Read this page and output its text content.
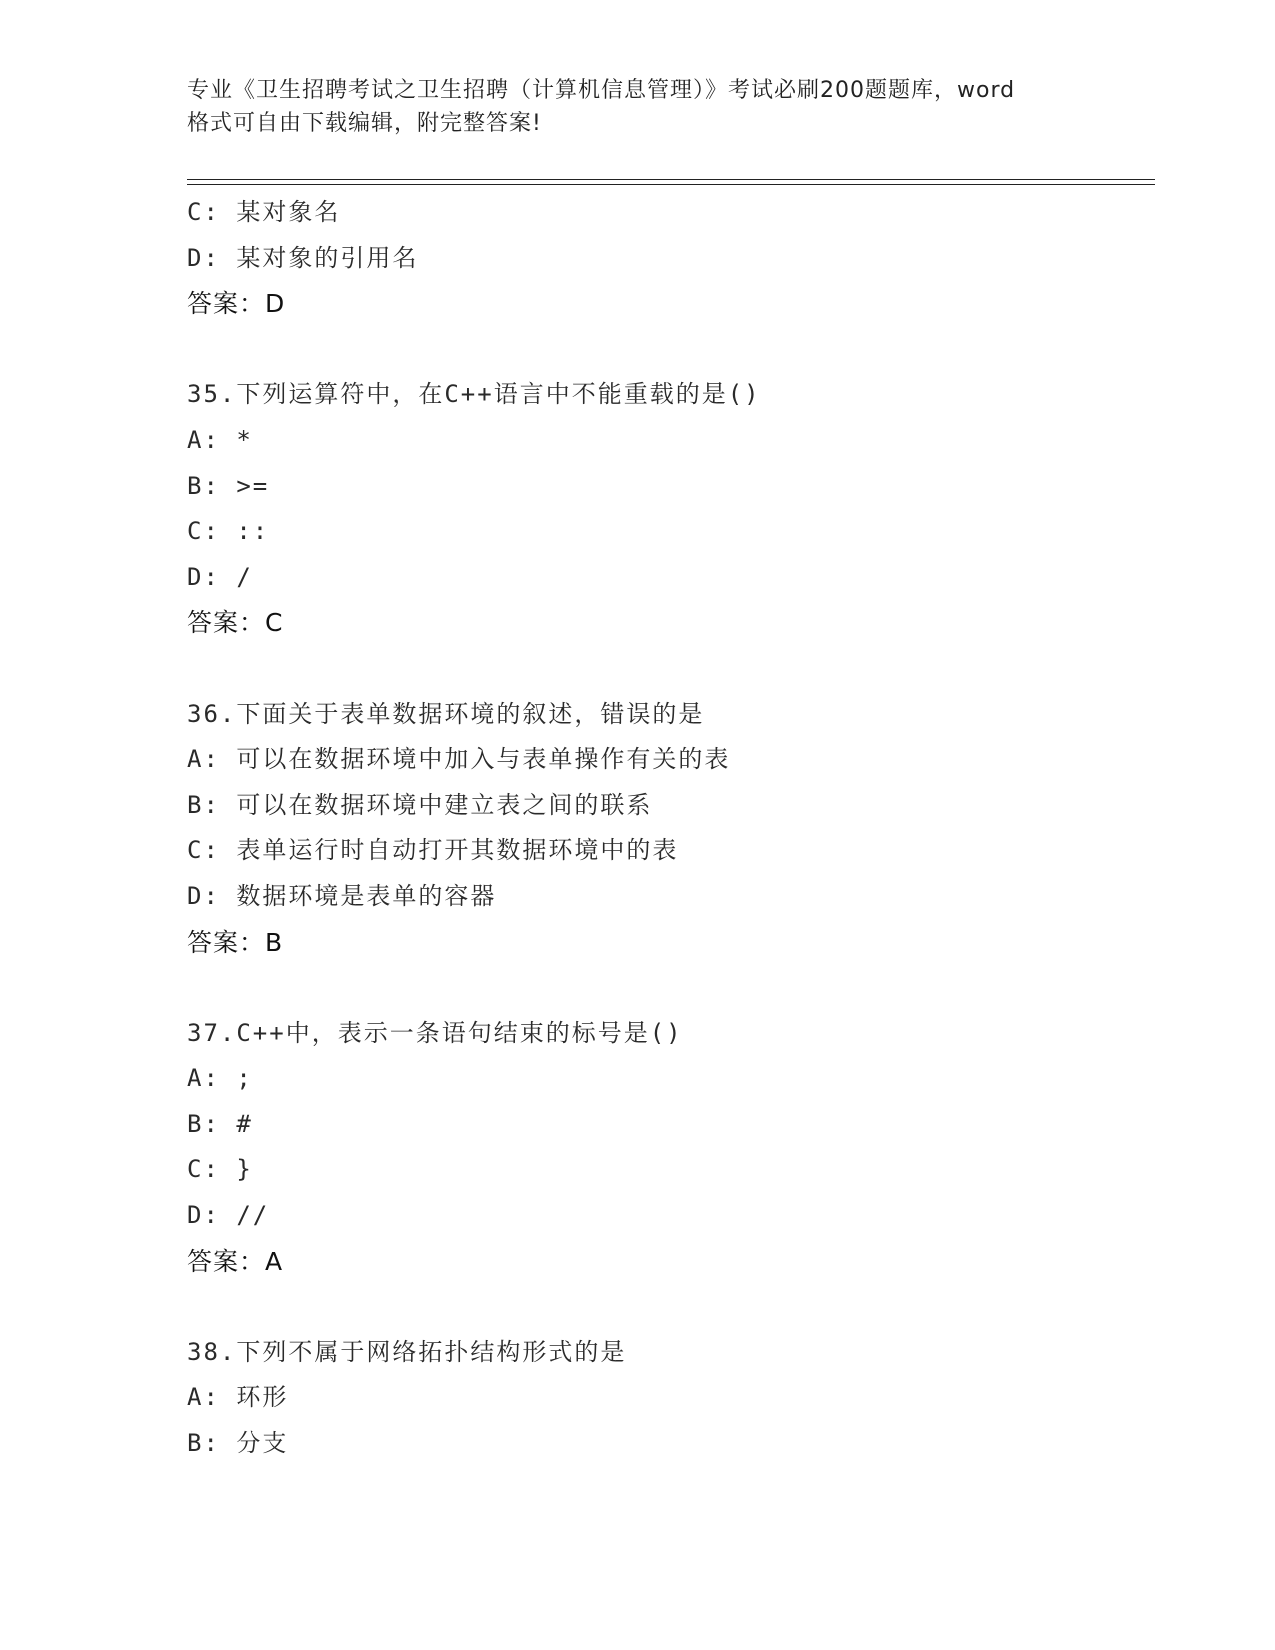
专业《卫生招聘考试之卫生招聘（计算机信息管理）》考试必刷200题题库，word
格式可自由下载编辑，附完整答案!
C: 某对象名
D: 某对象的引用名
答案：D
35.下列运算符中，在C++语言中不能重载的是()
A: *
B: >=
C: ::
D: /
答案：C
36.下面关于表单数据环境的叙述，错误的是
A: 可以在数据环境中加入与表单操作有关的表
B: 可以在数据环境中建立表之间的联系
C: 表单运行时自动打开其数据环境中的表
D: 数据环境是表单的容器
答案：B
37.C++中，表示一条语句结束的标号是()
A: ;
B: #
C: }
D: //
答案：A
38.下列不属于网络拓扑结构形式的是
A: 环形
B: 分支
